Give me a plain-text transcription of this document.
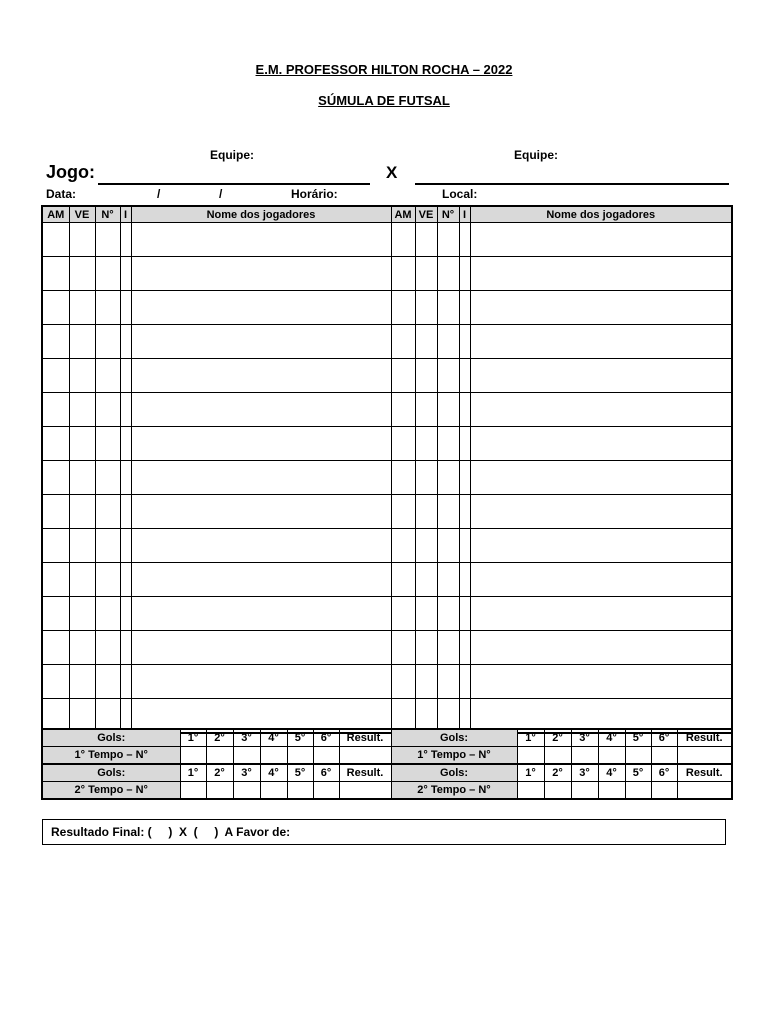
E.M. PROFESSOR HILTON ROCHA – 2022
SÚMULA DE FUTSAL
Equipe:	Equipe:
Jogo:	X
Data:	/	/	Horário:	Local:
AM	VE	N°	I	Nome dos jogadores	AM	VE	N°	I	Nome dos jogadores

Gols:	1°	2°	3°	4°	5°	6°	Result.	Gols:	1°	2°	3°	4°	5°	6°	Result.
1° Tempo – N°								1° Tempo – N°							
Gols:	1°	2°	3°	4°	5°	6°	Result.	Gols:	1°	2°	3°	4°	5°	6°	Result.
2° Tempo – N°								2° Tempo – N°							
Resultado Final: (     )  X  (     )  A Favor de:
